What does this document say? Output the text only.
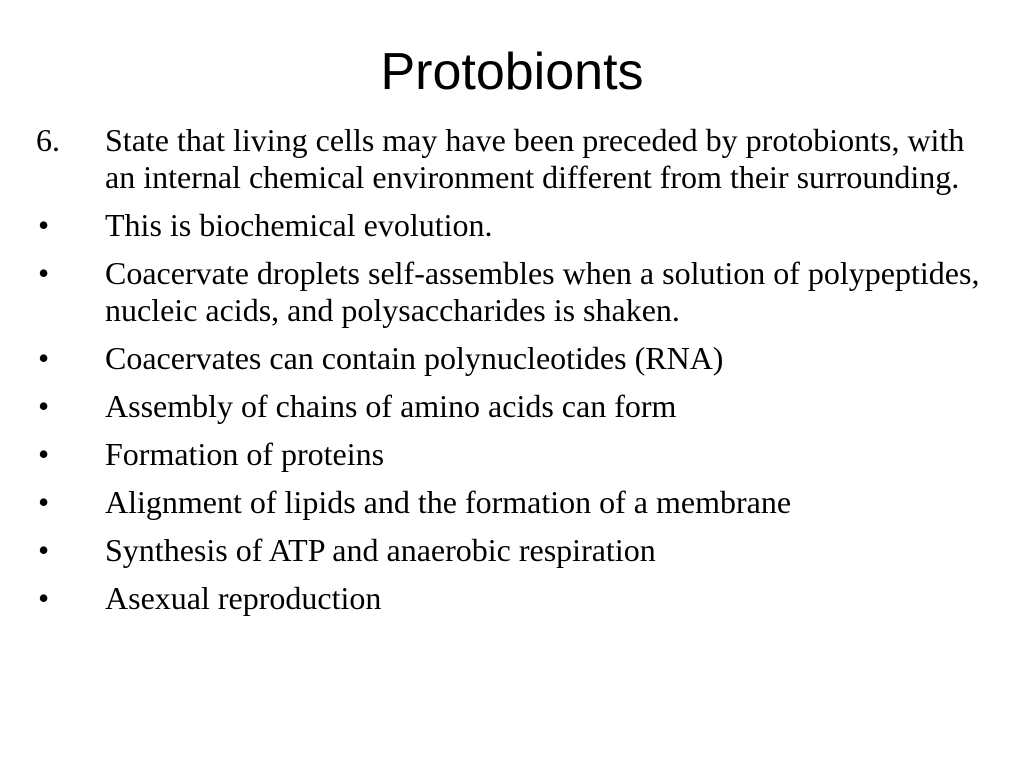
Protobionts
6.	State that living cells may have been preceded by protobionts, with an internal chemical environment different from their surrounding.
•	This is biochemical evolution.
•	Coacervate droplets self-assembles when a solution of polypeptides, nucleic acids, and polysaccharides is shaken.
•	Coacervates can contain polynucleotides (RNA)
•	Assembly of chains of amino acids can form
•	Formation of proteins
•	Alignment of lipids and the formation of a membrane
•	Synthesis of ATP and anaerobic respiration
•	Asexual reproduction
